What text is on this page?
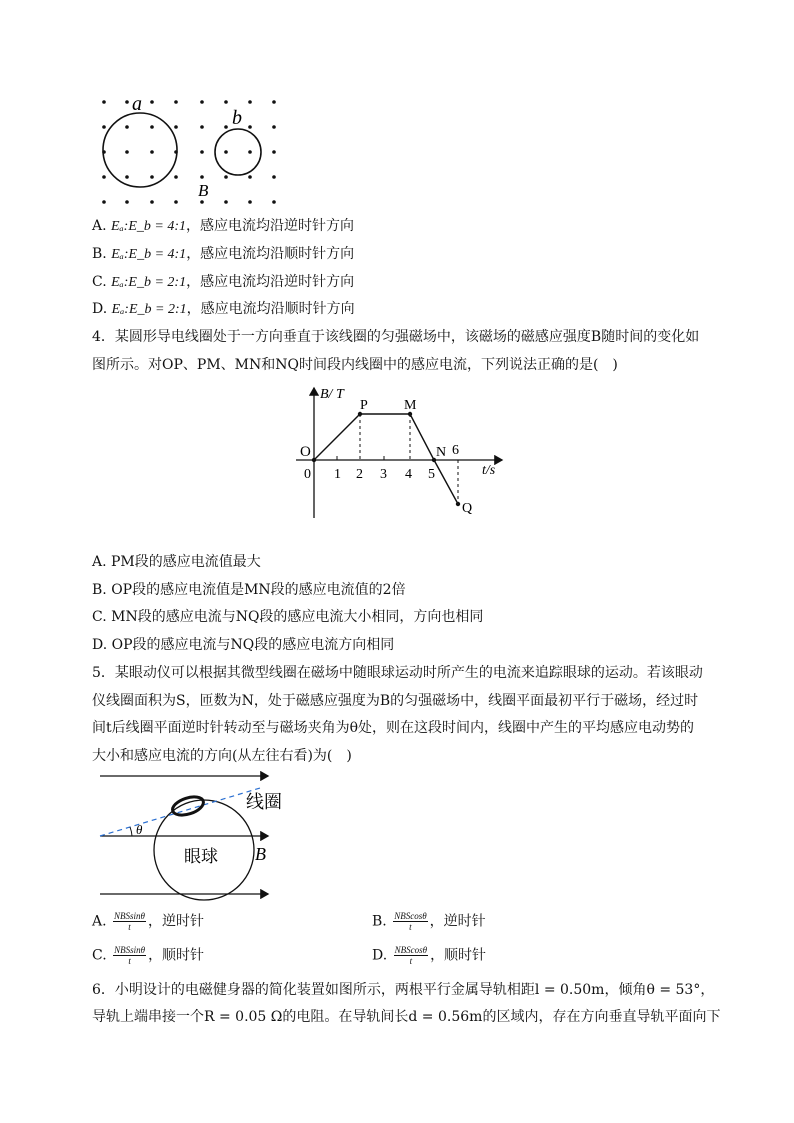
a
b
B
A. Eₐ:E_b = 4:1，感应电流均沿逆时针方向
B. Eₐ:E_b = 4:1，感应电流均沿顺时针方向
C. Eₐ:E_b = 2:1，感应电流均沿逆时针方向
D. Eₐ:E_b = 2:1，感应电流均沿顺时针方向
4．某圆形导电线圈处于一方向垂直于该线圈的匀强磁场中，该磁场的磁感应强度B随时间的变化如
图所示。对OP、PM、MN和NQ时间段内线圈中的感应电流，下列说法正确的是(　)
B/ T
t/s
O
0 1 2 3 4 5
6
P	M
N
Q
A. PM段的感应电流值最大
B. OP段的感应电流值是MN段的感应电流值的2倍
C. MN段的感应电流与NQ段的感应电流大小相同，方向也相同
D. OP段的感应电流与NQ段的感应电流方向相同
5．某眼动仪可以根据其微型线圈在磁场中随眼球运动时所产生的电流来追踪眼球的运动。若该眼动
仪线圈面积为S，匝数为N，处于磁感应强度为B的匀强磁场中，线圈平面最初平行于磁场，经过时
间t后线圈平面逆时针转动至与磁场夹角为θ处，则在这段时间内，线圈中产生的平均感应电动势的
大小和感应电流的方向(从左往右看)为(　)
θ
线圈
眼球 B
A. $\frac{\text{NBSsinθ}}{t}$ ，逆时针	B. $\frac{\text{NBScosθ}}{t}$ ，逆时针
C. $\frac{\text{NBSsinθ}}{t}$ ，顺时针	D. $\frac{\text{NBScosθ}}{t}$ ，顺时针
6．小明设计的电磁健身器的简化装置如图所示，两根平行金属导轨相距l = 0.50m，倾角θ = 53°，
导轨上端串接一个R = 0.05 Ω的电阻。在导轨间长d = 0.56m的区域内，存在方向垂直导轨平面向下
